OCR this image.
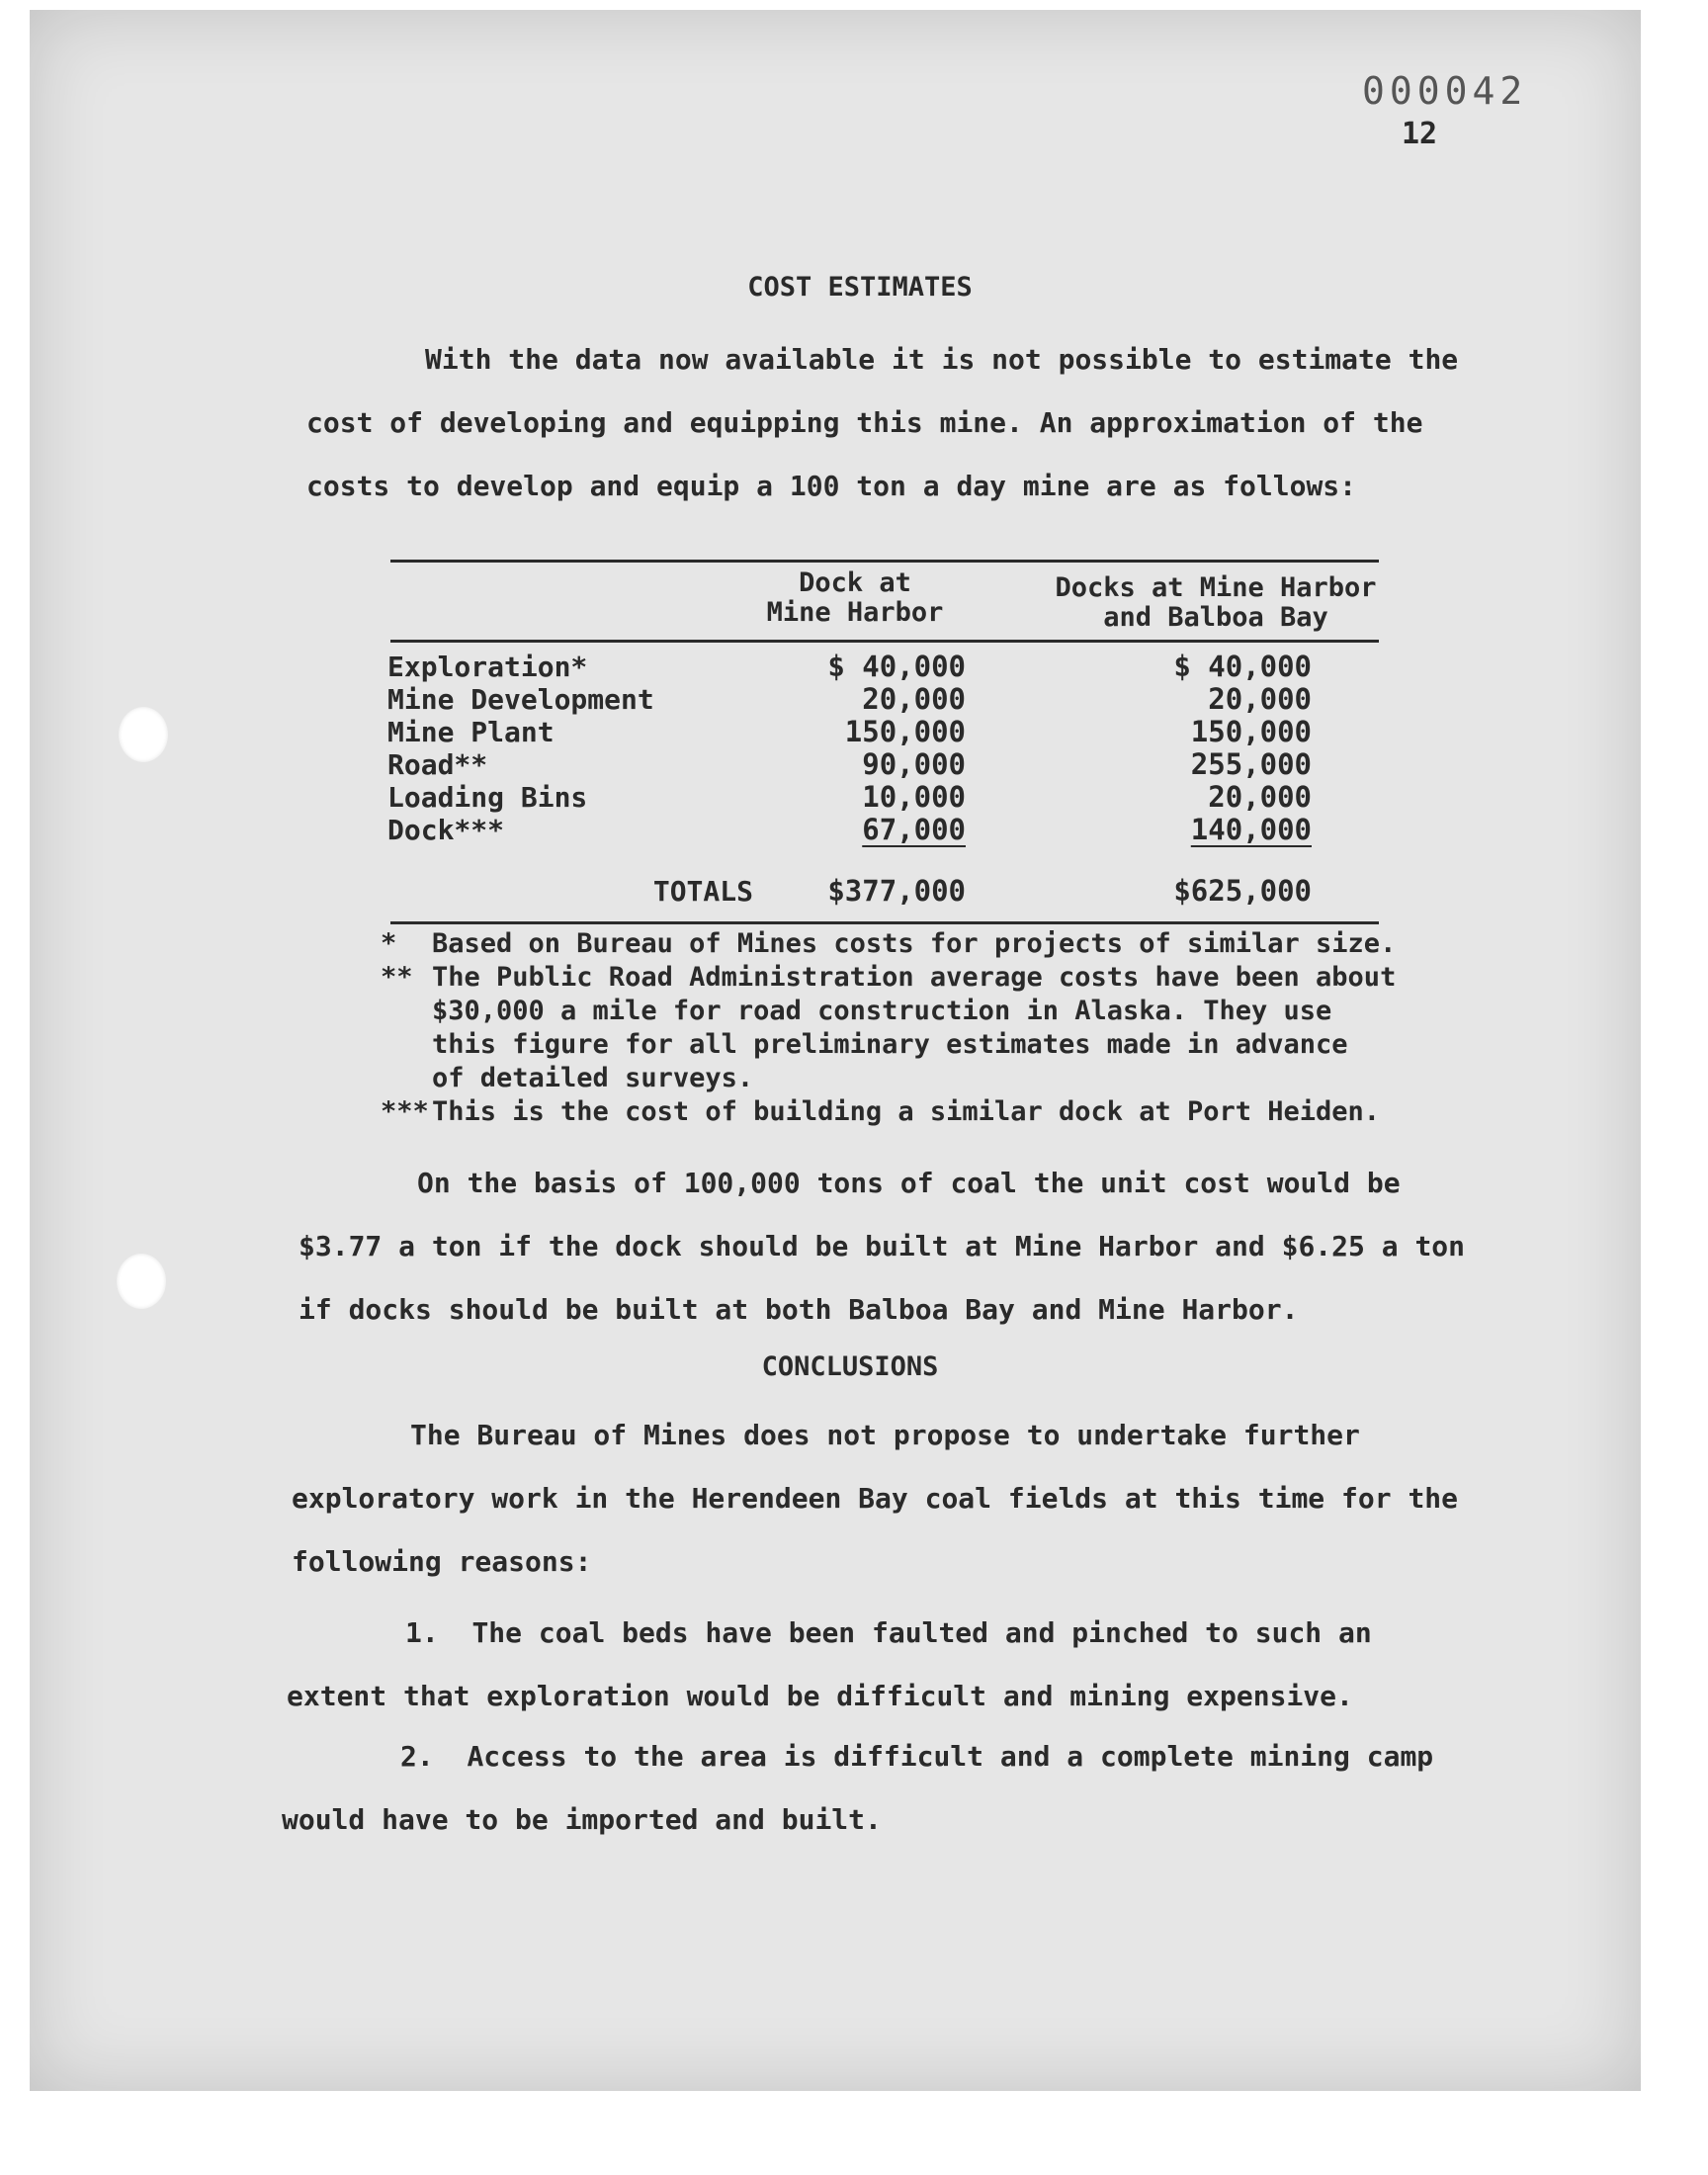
000042
12
COST ESTIMATES
With the data now available it is not possible to estimate the cost of developing and equipping this mine. An approximation of the costs to develop and equip a 100 ton a day mine are as follows:
Dock at
Mine Harbor
Docks at Mine Harbor
and Balboa Bay
Exploration*	$ 40,000	$ 40,000
Mine Development	20,000	20,000
Mine Plant	150,000	150,000
Road**	90,000	255,000
Loading Bins	10,000	20,000
Dock***	67,000	140,000
TOTALS	$377,000	$625,000
*	Based on Bureau of Mines costs for projects of similar size.
** The Public Road Administration average costs have been about
$30,000 a mile for road construction in Alaska. They use
this figure for all preliminary estimates made in advance
of detailed surveys.
*** This is the cost of building a similar dock at Port Heiden.
On the basis of 100,000 tons of coal the unit cost would be $3.77 a ton if the dock should be built at Mine Harbor and $6.25 a ton if docks should be built at both Balboa Bay and Mine Harbor.
CONCLUSIONS
The Bureau of Mines does not propose to undertake further exploratory work in the Herendeen Bay coal fields at this time for the following reasons:
1. The coal beds have been faulted and pinched to such an extent that exploration would be difficult and mining expensive.
2. Access to the area is difficult and a complete mining camp would have to be imported and built.
